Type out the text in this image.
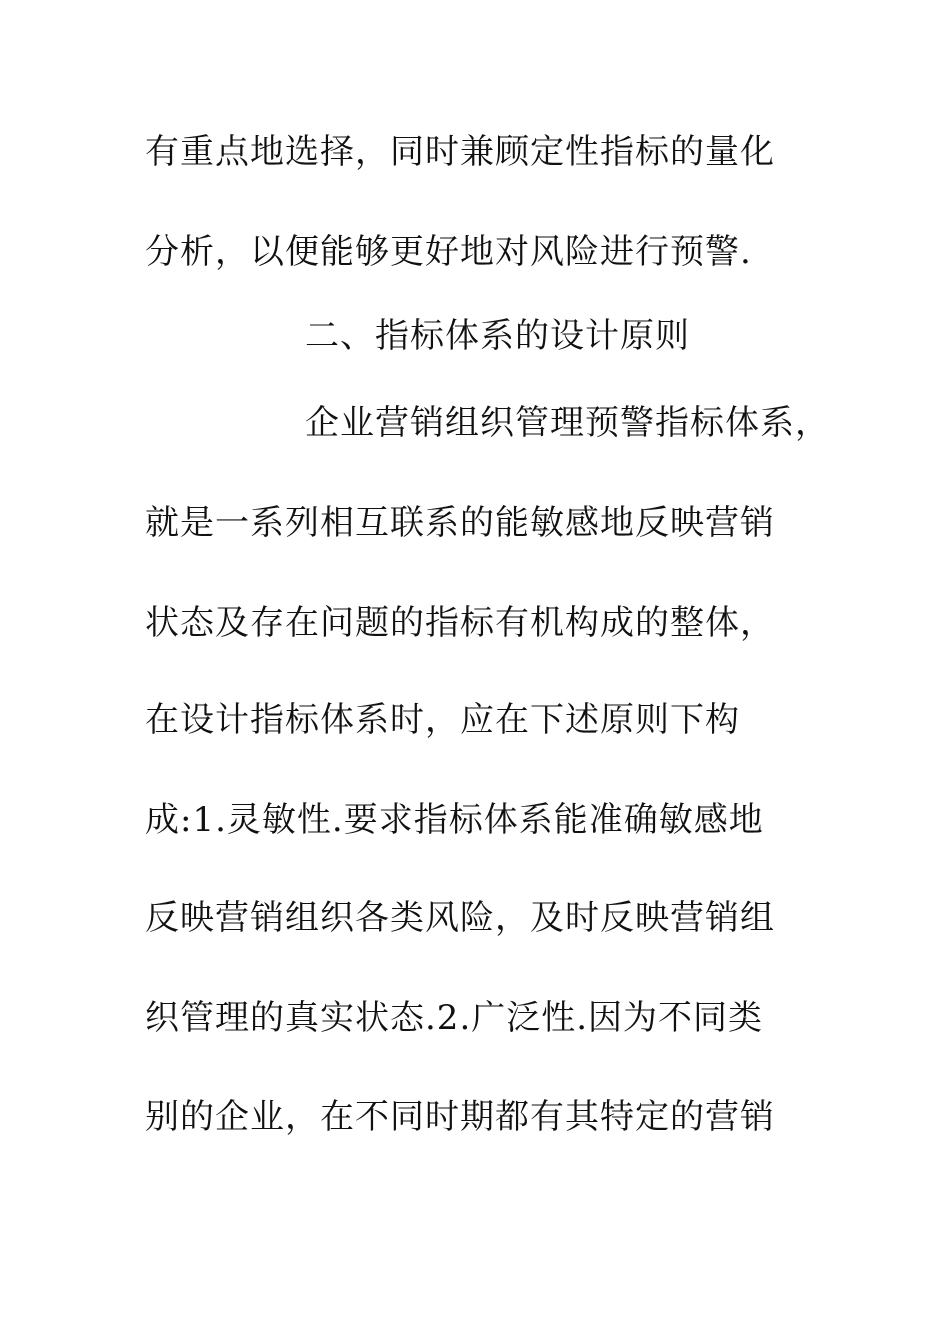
有重点地选择，同时兼顾定性指标的量化
分析，以便能够更好地对风险进行预警.
二、指标体系的设计原则
企业营销组织管理预警指标体系，
就是一系列相互联系的能敏感地反映营销
状态及存在问题的指标有机构成的整体，
在设计指标体系时，应在下述原则下构
成:1.灵敏性.要求指标体系能准确敏感地
反映营销组织各类风险，及时反映营销组
织管理的真实状态.2.广泛性.因为不同类
别的企业，在不同时期都有其特定的营销
